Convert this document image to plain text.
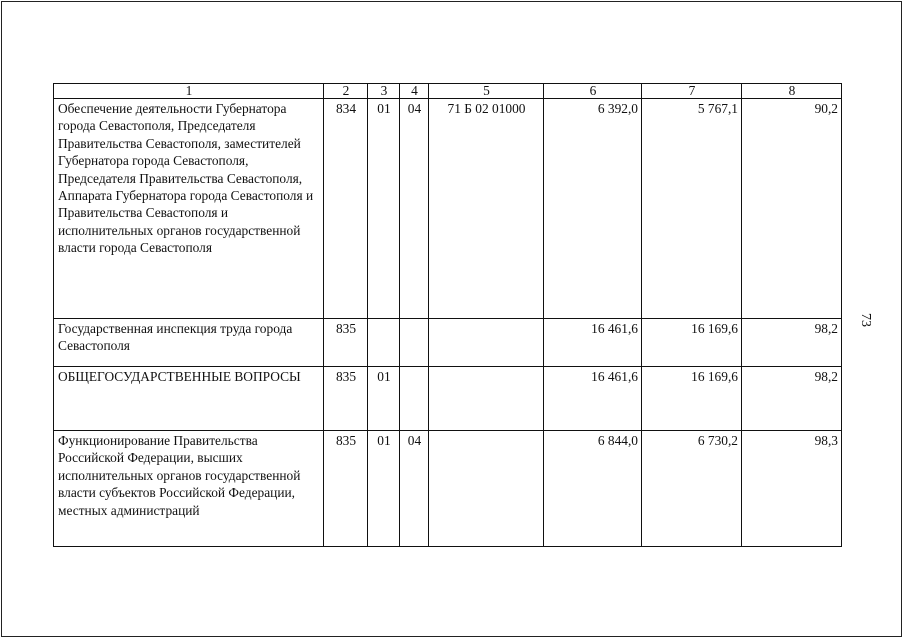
73
1	2	3	4	5	6	7	8
Обеспечение деятельности Губернатора города Севастополя, Председателя Правительства Севастополя, заместителей Губернатора города Севастополя, Председателя Правительства Севастополя, Аппарата Губернатора города Севастополя и Правительства Севастополя и исполнительных органов государственной власти города Севастополя	834	01	04	71 Б 02 01000	6 392,0	5 767,1	90,2
Государственная инспекция труда города Севастополя	835				16 461,6	16 169,6	98,2
ОБЩЕГОСУДАРСТВЕННЫЕ ВОПРОСЫ	835	01			16 461,6	16 169,6	98,2
Функционирование Правительства Российской Федерации, высших исполнительных органов государственной власти субъектов Российской Федерации, местных администраций	835	01	04		6 844,0	6 730,2	98,3
